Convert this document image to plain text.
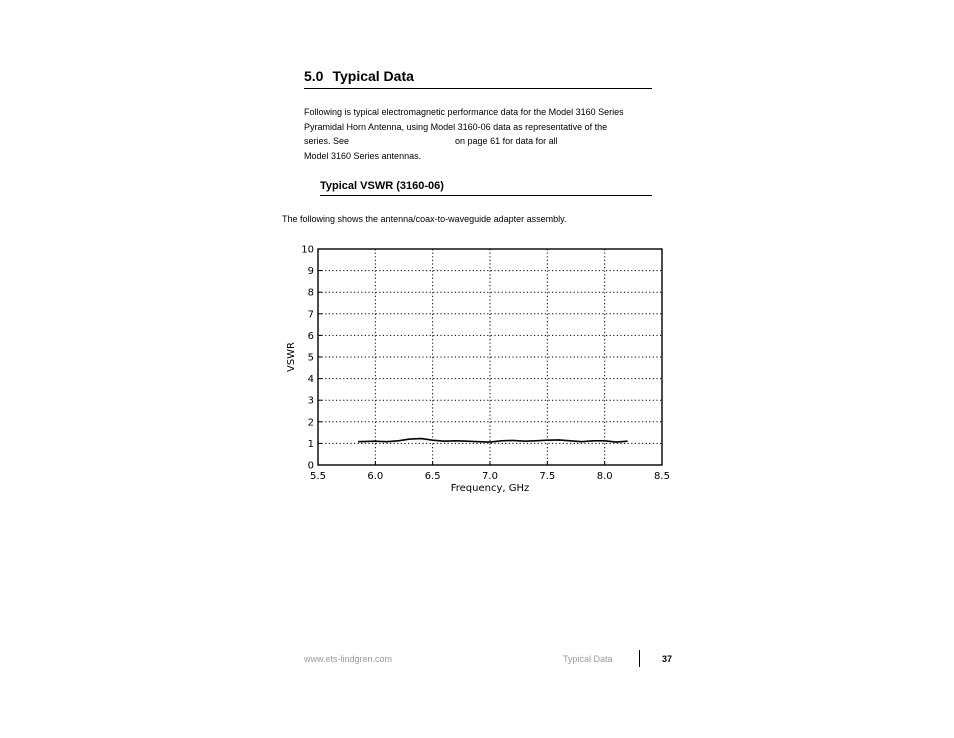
5.0 Typical Data
Following is typical electromagnetic performance data for the Model 3160 Series
Pyramidal Horn Antenna, using Model 3160-06 data as representative of the
series. See	on page 61 for data for all
Model 3160 Series antennas.
Typical VSWR (3160-06)
The following shows the antenna/coax-to-waveguide adapter assembly.
0
1
2
3
4
5
6
7
8
9
10
5.5	6.0	6.5	7.0	7.5	8.0	8.5
Frequency, GHz
VSWR
www.ets-lindgren.com	Typical Data	37
